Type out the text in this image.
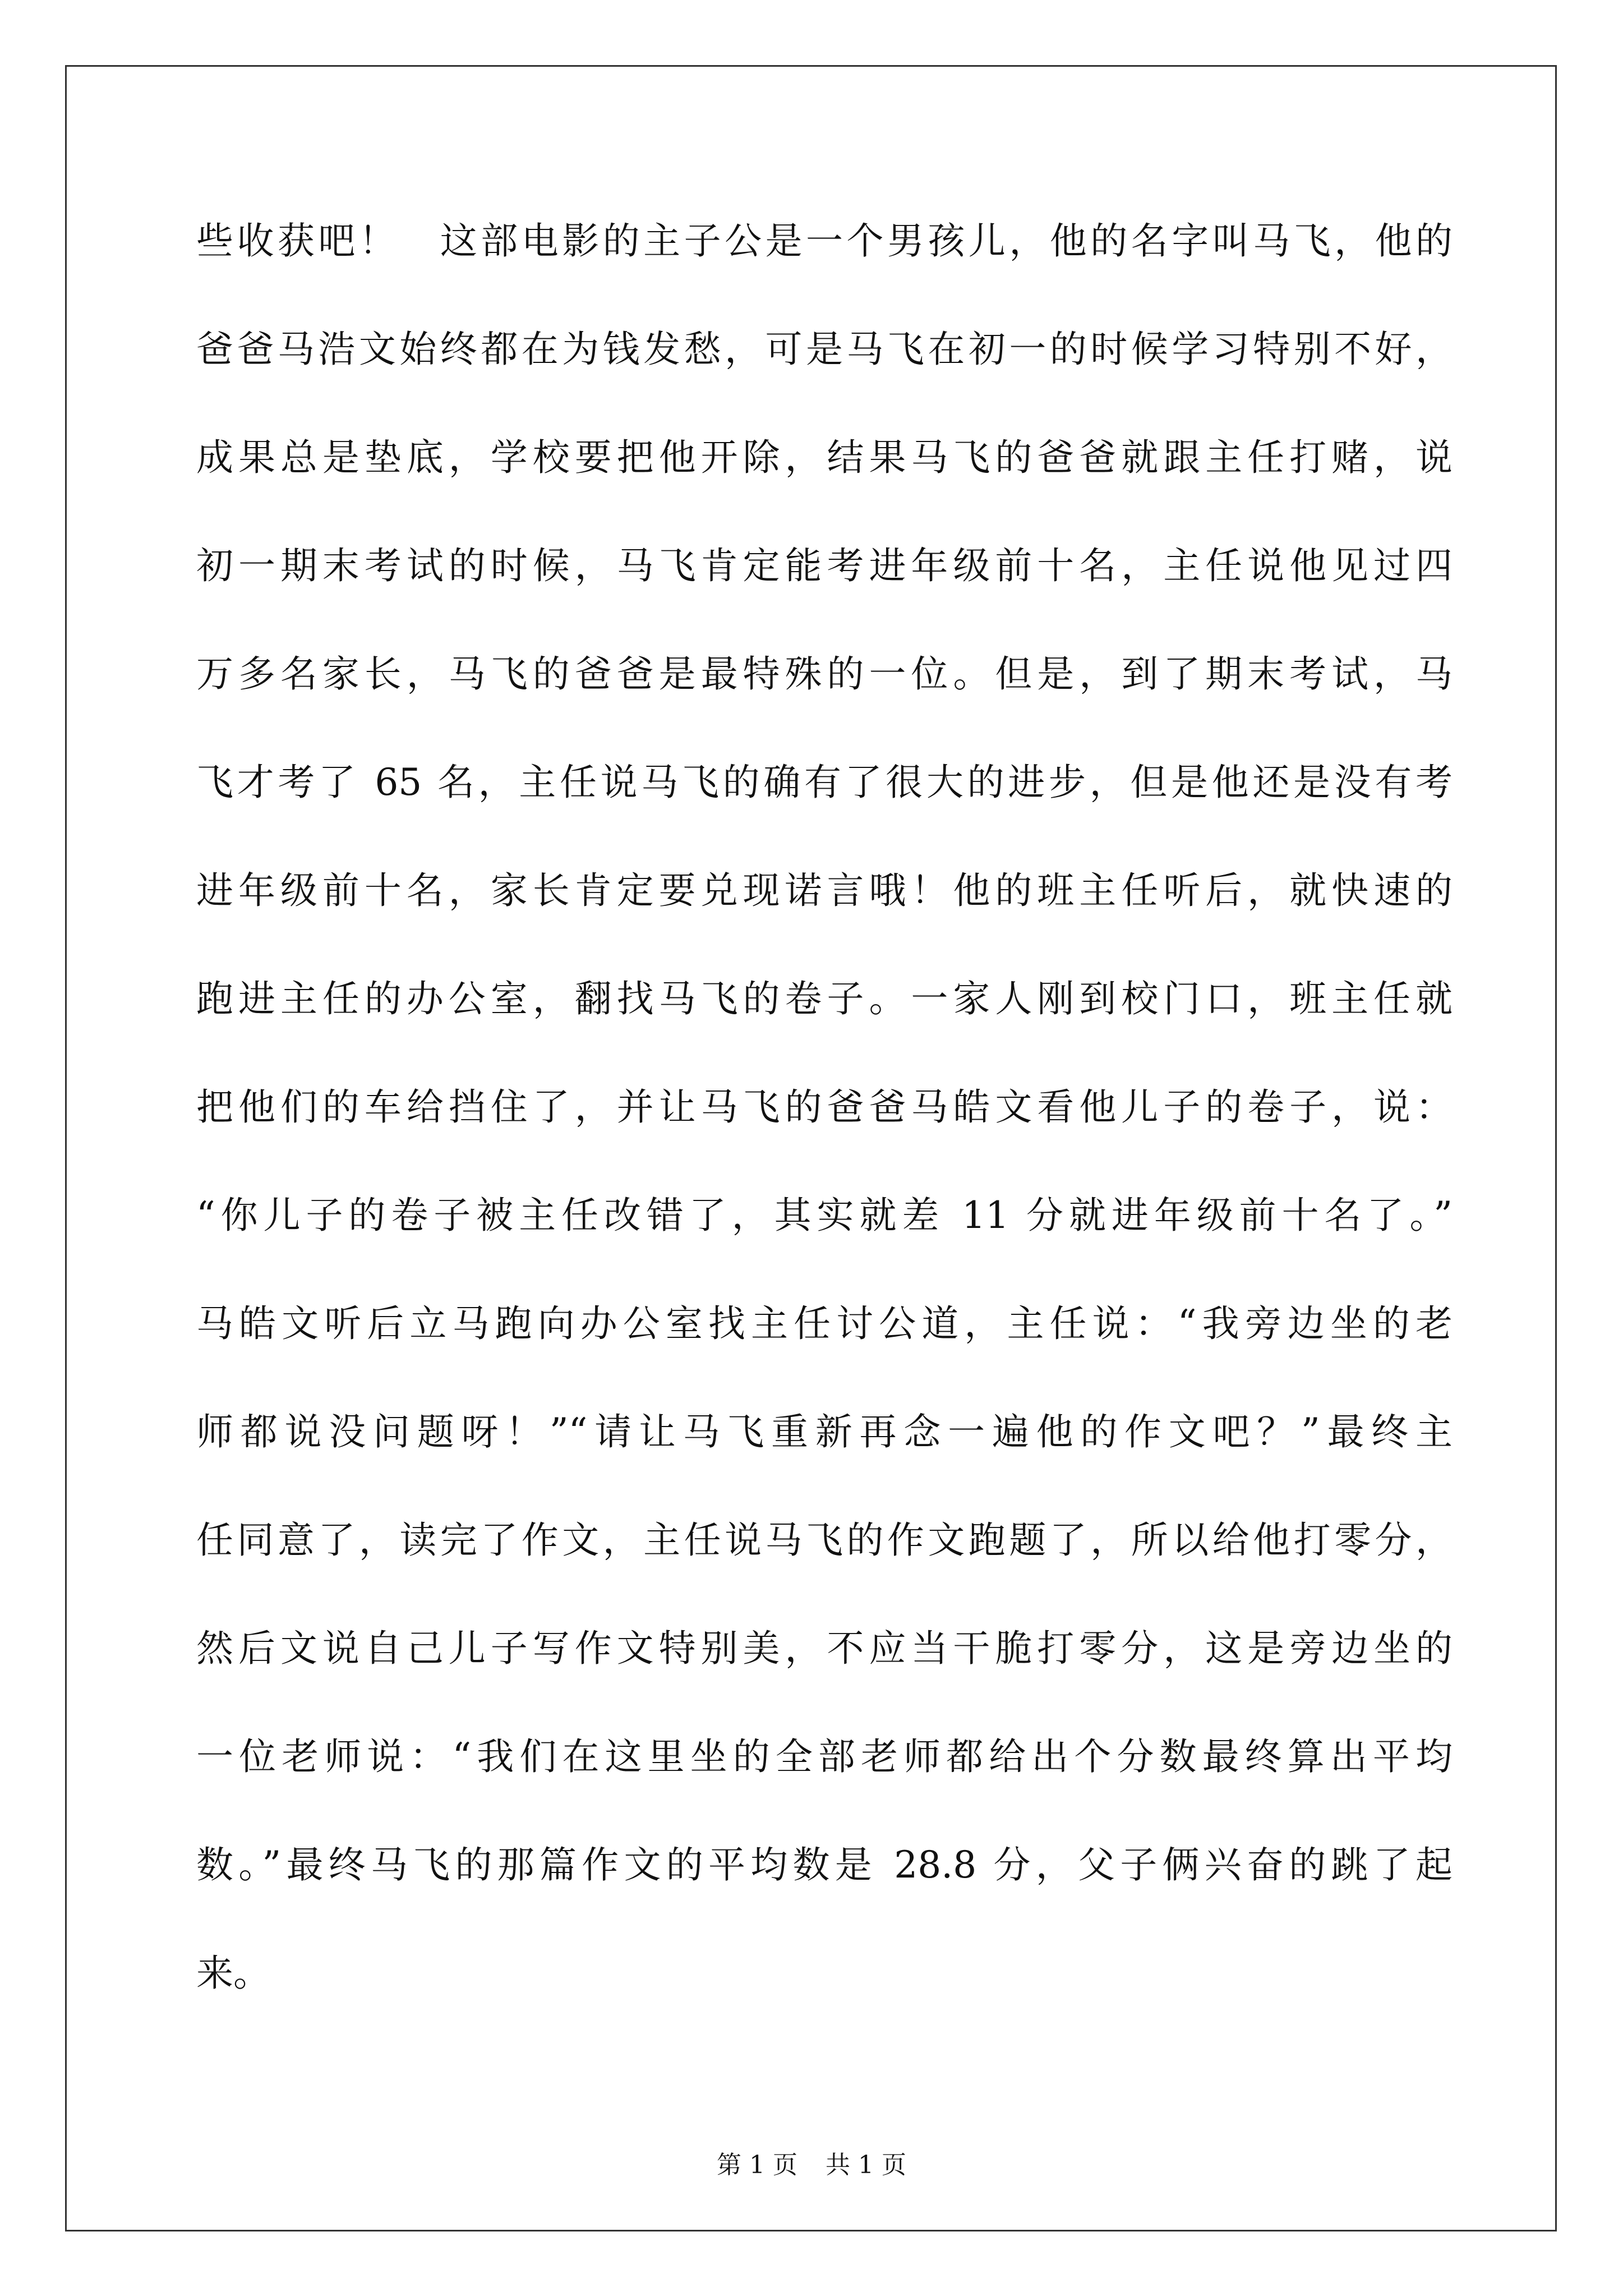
些收获吧！　这部电影的主子公是一个男孩儿，他的名字叫马飞，他的
爸爸马浩文始终都在为钱发愁，可是马飞在初一的时候学习特别不好，
成果总是垫底，学校要把他开除，结果马飞的爸爸就跟主任打赌，说
初一期末考试的时候，马飞肯定能考进年级前十名，主任说他见过四
万多名家长，马飞的爸爸是最特殊的一位。但是，到了期末考试，马
飞才考了 65 名，主任说马飞的确有了很大的进步，但是他还是没有考
进年级前十名，家长肯定要兑现诺言哦！他的班主任听后，就快速的
跑进主任的办公室，翻找马飞的卷子。一家人刚到校门口，班主任就
把他们的车给挡住了，并让马飞的爸爸马皓文看他儿子的卷子，说：
“你儿子的卷子被主任改错了，其实就差 11 分就进年级前十名了。”
马皓文听后立马跑向办公室找主任讨公道，主任说：“我旁边坐的老
师都说没问题呀！”“请让马飞重新再念一遍他的作文吧？”最终主
任同意了，读完了作文，主任说马飞的作文跑题了，所以给他打零分，
然后文说自己儿子写作文特别美，不应当干脆打零分，这是旁边坐的
一位老师说：“我们在这里坐的全部老师都给出个分数最终算出平均
数。”最终马飞的那篇作文的平均数是 28.8 分，父子俩兴奋的跳了起
来。
第 1 页 共 1 页
